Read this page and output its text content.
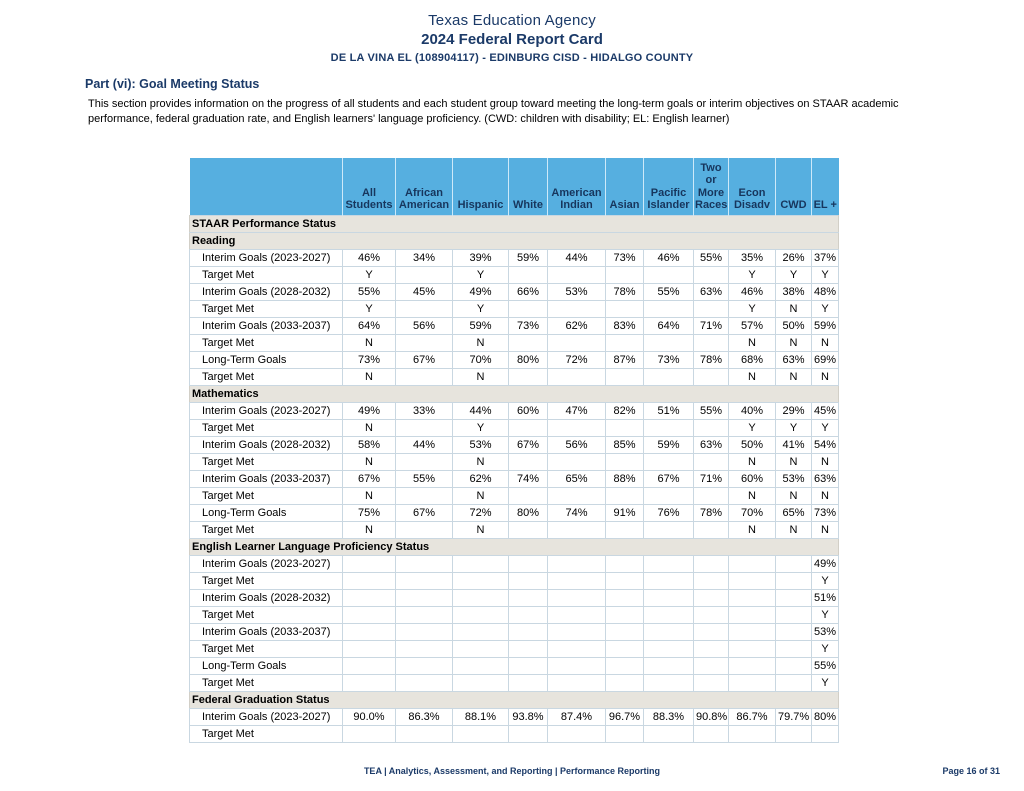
Texas Education Agency
2024 Federal Report Card
DE LA VINA EL (108904117) - EDINBURG CISD - HIDALGO COUNTY
Part (vi): Goal Meeting Status
This section provides information on the progress of all students and each student group toward meeting the long-term goals or interim objectives on STAAR academic performance, federal graduation rate, and English learners' language proficiency. (CWD: children with disability; EL: English learner)
	All Students	African American	Hispanic	White	American Indian	Asian	Pacific Islander	Two or More Races	Econ Disadv	CWD	EL +
STAAR Performance Status											
Reading											
Interim Goals (2023-2027)	46%	34%	39%	59%	44%	73%	46%	55%	35%	26%	37%
Target Met	Y		Y						Y	Y	Y
Interim Goals (2028-2032)	55%	45%	49%	66%	53%	78%	55%	63%	46%	38%	48%
Target Met	Y		Y						Y	N	Y
Interim Goals (2033-2037)	64%	56%	59%	73%	62%	83%	64%	71%	57%	50%	59%
Target Met	N		N						N	N	N
Long-Term Goals	73%	67%	70%	80%	72%	87%	73%	78%	68%	63%	69%
Target Met	N		N						N	N	N
Mathematics											
Interim Goals (2023-2027)	49%	33%	44%	60%	47%	82%	51%	55%	40%	29%	45%
Target Met	N		Y						Y	Y	Y
Interim Goals (2028-2032)	58%	44%	53%	67%	56%	85%	59%	63%	50%	41%	54%
Target Met	N		N						N	N	N
Interim Goals (2033-2037)	67%	55%	62%	74%	65%	88%	67%	71%	60%	53%	63%
Target Met	N		N						N	N	N
Long-Term Goals	75%	67%	72%	80%	74%	91%	76%	78%	70%	65%	73%
Target Met	N		N						N	N	N
English Learner Language Proficiency Status											
Interim Goals (2023-2027)											49%
Target Met											Y
Interim Goals (2028-2032)											51%
Target Met											Y
Interim Goals (2033-2037)											53%
Target Met											Y
Long-Term Goals											55%
Target Met											Y
Federal Graduation Status											
Interim Goals (2023-2027)	90.0%	86.3%	88.1%	93.8%	87.4%	96.7%	88.3%	90.8%	86.7%	79.7%	80%
Target Met											
TEA | Analytics, Assessment, and Reporting | Performance Reporting	Page 16 of 31
